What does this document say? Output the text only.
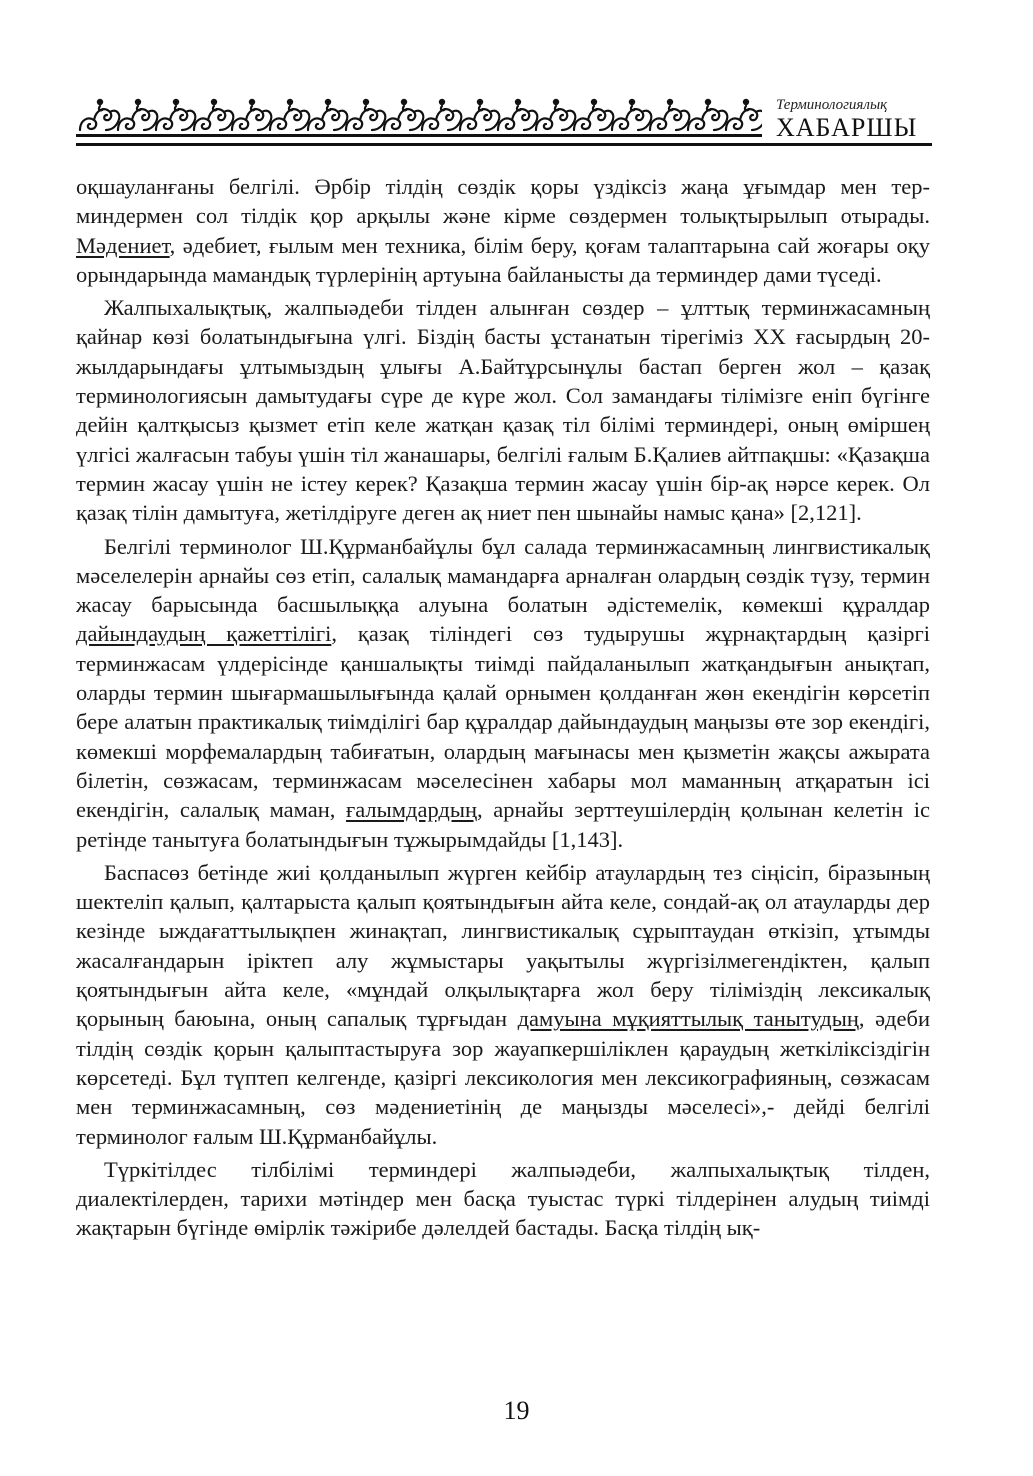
Терминологиялық
ХАБАРШЫ

оқшауланғаны белгілі. Әрбір тілдің сөздік қоры үздіксіз жаңа ұғымдар мен терминдермен сол тілдік қор арқылы және кірме сөздермен толықтырылып отырады. Мәдениет, әдебиет, ғылым мен техника, білім беру, қоғам талаптарына сай жоғары оқу орындарында мамандық түрлерінің артуына байланысты да терминдер дами түседі.

Жалпыхалықтық, жалпыәдеби тілден алынған сөздер – ұлттық терминжасамның қайнар көзі болатындығына үлгі. Біздің басты ұстанатын тірегіміз XX ғасырдың 20-жылдарындағы ұлтымыздың ұлығы А.Байтұрсынұлы бастап берген жол – қазақ терминологиясын дамытудағы сүре де күре жол. Сол замандағы тілімізге еніп бүгінге дейін қалтқысыз қызмет етіп келе жатқан қазақ тіл білімі терминдері, оның өміршең үлгісі жалғасын табуы үшін тіл жанашары, белгілі ғалым Б.Қалиев айтпақшы: «Қазақша термин жасау үшін не істеу керек? Қазақша термин жасау үшін бір-ақ нәрсе керек. Ол қазақ тілін дамытуға, жетілдіруге деген ақ ниет пен шынайы намыс қана» [2,121].

Белгілі терминолог Ш.Құрманбайұлы бұл салада терминжасамның лингвистикалық мәселелерін арнайы сөз етіп, салалық мамандарға арналған олардың сөздік түзу, термин жасау барысында басшылыққа алуына болатын әдістемелік, көмекші құралдар дайындаудың қажеттілігі, қазақ тіліндегі сөз тудырушы жұрнақтардың қазіргі терминжасам үлдерісінде қаншалықты тиімді пайдаланылып жатқандығын анықтап, оларды термин шығармашылығында қалай орнымен қолданған жөн екендігін көрсетіп бере алатын практикалық тиімділігі бар құралдар дайындаудың маңызы өте зор екендігі, көмекші морфемалардың табиғатын, олардың мағынасы мен қызметін жақсы ажырата білетін, сөзжасам, терминжасам мәселесінен хабары мол маманның атқаратын ісі екендігін, салалық маман, ғалымдардың, арнайы зерттеушілердің қолынан келетін іс ретінде танытуға болатындығын тұжырымдайды [1,143].

Баспасөз бетінде жиі қолданылып жүрген кейбір атаулардың тез сіңісіп, біразының шектеліп қалып, қалтарыста қалып қоятындығын айта келе, сондай-ақ ол атауларды дер кезінде ыждағаттылықпен жинақтап, лингвистикалық сұрыптаудан өткізіп, ұтымды жасалғандарын іріктеп алу жұмыстары уақытылы жүргізілмегендіктен, қалып қоятындығын айта келе, «мұндай олқылықтарға жол беру тіліміздің лексикалық қорының баюына, оның сапалық тұрғыдан дамуына мұқияттылық танытудың, әдеби тілдің сөздік қорын қалыптастыруға зор жауапкершіліклен қараудың жеткіліксіздігін көрсетеді. Бұл түптеп келгенде, қазіргі лексикология мен лексикографияның, сөзжасам мен терминжасамның, сөз мәдениетінің де маңызды мәселесі»,- дейді белгілі терминолог ғалым Ш.Құрманбайұлы.

Түркітілдес тілбілімі терминдері жалпыәдеби, жалпыхалықтық тілден, диалектілерден, тарихи мәтіндер мен басқа туыстас түркі тілдерінен алудың тиімді жақтарын бүгінде өмірлік тәжірибе дәлелдей бастады. Басқа тілдің ық-

19
